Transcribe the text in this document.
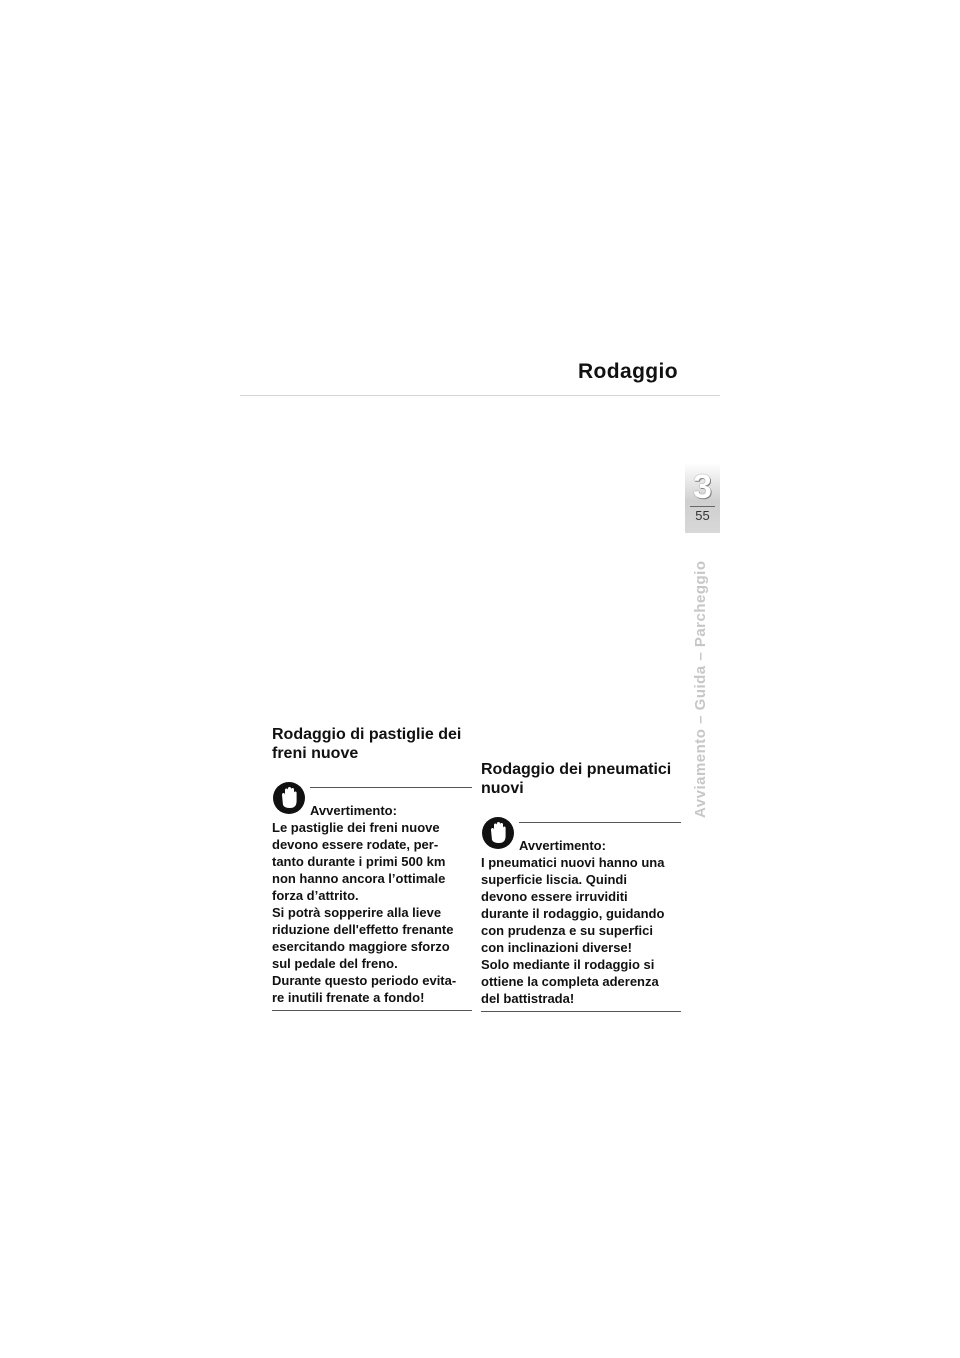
Rodaggio
3
55
Avviamento – Guida – Parcheggio
Rodaggio di pastiglie dei freni nuove
Avvertimento:

Le pastiglie dei freni nuove
devono essere rodate, per-
tanto durante i primi 500 km
non hanno ancora l’ottimale
forza d’attrito.
Si potrà sopperire alla lieve
riduzione dell'effetto frenante
esercitando maggiore sforzo
sul pedale del freno.
Durante questo periodo evita-
re inutili frenate a fondo!

Rodaggio dei pneumatici nuovi
Avvertimento:

I pneumatici nuovi hanno una
superficie liscia. Quindi
devono essere irruviditi
durante il rodaggio, guidando
con prudenza e su superfici
con inclinazioni diverse!
Solo mediante il rodaggio si
ottiene la completa aderenza
del battistrada!
